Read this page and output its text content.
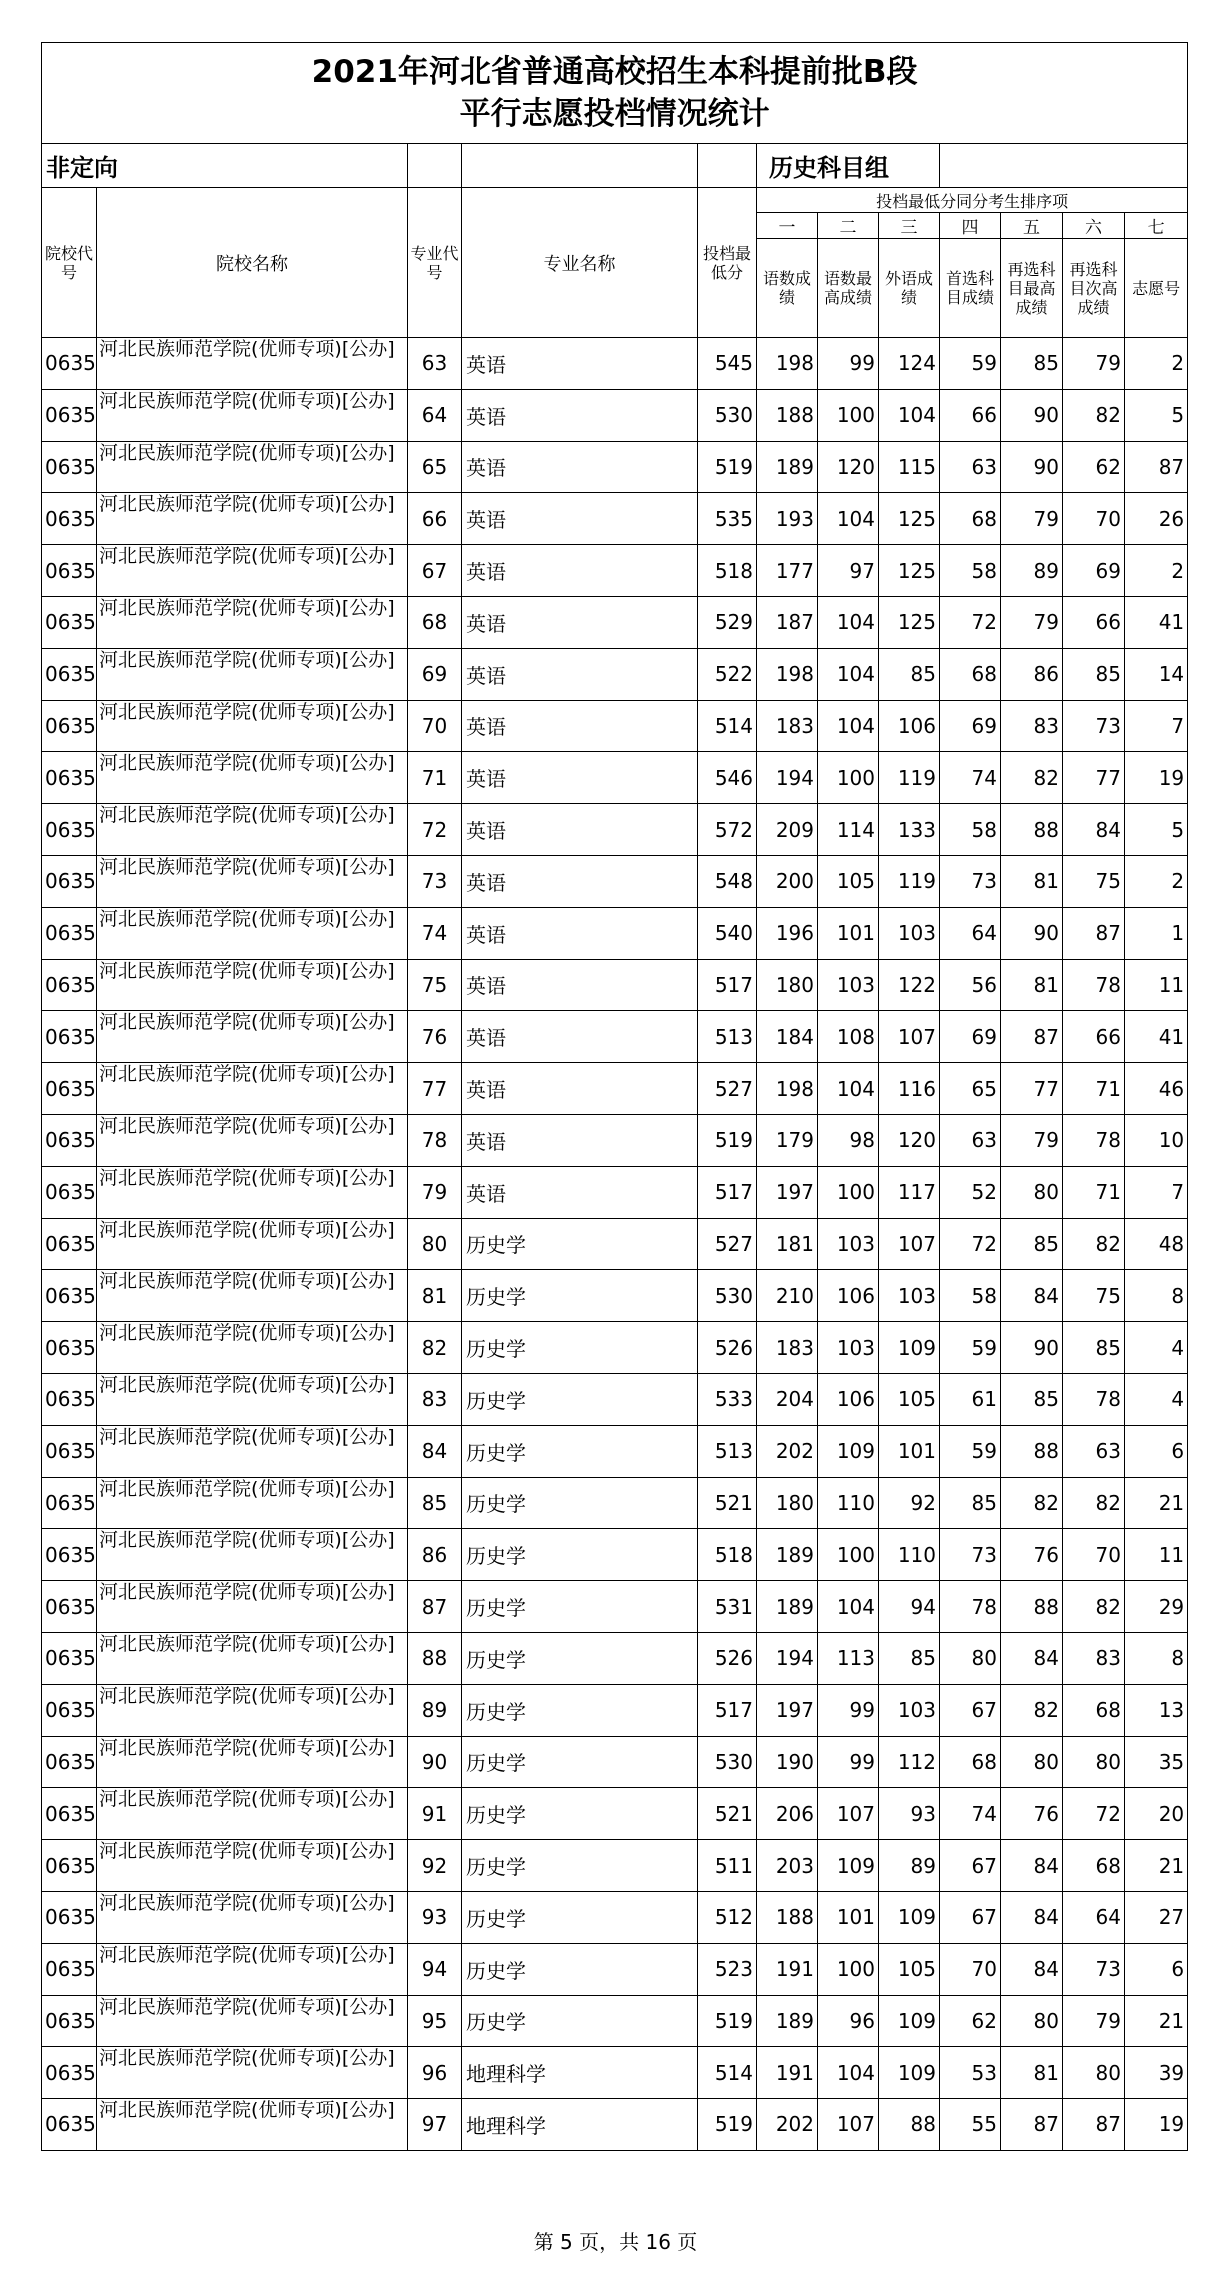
2021年河北省普通高校招生本科提前批B段
平行志愿投档情况统计											

非定向					历史科目组						
院校代号	院校名称	专业代号	专业名称	投档最低分	投档最低分同分考生排序项						
					一	二	三	四	五	六	七
					语数成绩	语数最高成绩	外语成绩	首选科目成绩	再选科目最高成绩	再选科目次高成绩	志愿号
0635	河北民族师范学院(优师专项)[公办]	63	英语	545	198	99	124	59	85	79	2
0635	河北民族师范学院(优师专项)[公办]	64	英语	530	188	100	104	66	90	82	5
0635	河北民族师范学院(优师专项)[公办]	65	英语	519	189	120	115	63	90	62	87
0635	河北民族师范学院(优师专项)[公办]	66	英语	535	193	104	125	68	79	70	26
0635	河北民族师范学院(优师专项)[公办]	67	英语	518	177	97	125	58	89	69	2
0635	河北民族师范学院(优师专项)[公办]	68	英语	529	187	104	125	72	79	66	41
0635	河北民族师范学院(优师专项)[公办]	69	英语	522	198	104	85	68	86	85	14
0635	河北民族师范学院(优师专项)[公办]	70	英语	514	183	104	106	69	83	73	7
0635	河北民族师范学院(优师专项)[公办]	71	英语	546	194	100	119	74	82	77	19
0635	河北民族师范学院(优师专项)[公办]	72	英语	572	209	114	133	58	88	84	5
0635	河北民族师范学院(优师专项)[公办]	73	英语	548	200	105	119	73	81	75	2
0635	河北民族师范学院(优师专项)[公办]	74	英语	540	196	101	103	64	90	87	1
0635	河北民族师范学院(优师专项)[公办]	75	英语	517	180	103	122	56	81	78	11
0635	河北民族师范学院(优师专项)[公办]	76	英语	513	184	108	107	69	87	66	41
0635	河北民族师范学院(优师专项)[公办]	77	英语	527	198	104	116	65	77	71	46
0635	河北民族师范学院(优师专项)[公办]	78	英语	519	179	98	120	63	79	78	10
0635	河北民族师范学院(优师专项)[公办]	79	英语	517	197	100	117	52	80	71	7
0635	河北民族师范学院(优师专项)[公办]	80	历史学	527	181	103	107	72	85	82	48
0635	河北民族师范学院(优师专项)[公办]	81	历史学	530	210	106	103	58	84	75	8
0635	河北民族师范学院(优师专项)[公办]	82	历史学	526	183	103	109	59	90	85	4
0635	河北民族师范学院(优师专项)[公办]	83	历史学	533	204	106	105	61	85	78	4
0635	河北民族师范学院(优师专项)[公办]	84	历史学	513	202	109	101	59	88	63	6
0635	河北民族师范学院(优师专项)[公办]	85	历史学	521	180	110	92	85	82	82	21
0635	河北民族师范学院(优师专项)[公办]	86	历史学	518	189	100	110	73	76	70	11
0635	河北民族师范学院(优师专项)[公办]	87	历史学	531	189	104	94	78	88	82	29
0635	河北民族师范学院(优师专项)[公办]	88	历史学	526	194	113	85	80	84	83	8
0635	河北民族师范学院(优师专项)[公办]	89	历史学	517	197	99	103	67	82	68	13
0635	河北民族师范学院(优师专项)[公办]	90	历史学	530	190	99	112	68	80	80	35
0635	河北民族师范学院(优师专项)[公办]	91	历史学	521	206	107	93	74	76	72	20
0635	河北民族师范学院(优师专项)[公办]	92	历史学	511	203	109	89	67	84	68	21
0635	河北民族师范学院(优师专项)[公办]	93	历史学	512	188	101	109	67	84	64	27
0635	河北民族师范学院(优师专项)[公办]	94	历史学	523	191	100	105	70	84	73	6
0635	河北民族师范学院(优师专项)[公办]	95	历史学	519	189	96	109	62	80	79	21
0635	河北民族师范学院(优师专项)[公办]	96	地理科学	514	191	104	109	53	81	80	39
0635	河北民族师范学院(优师专项)[公办]	97	地理科学	519	202	107	88	55	87	87	19
第 5 页，共 16 页
